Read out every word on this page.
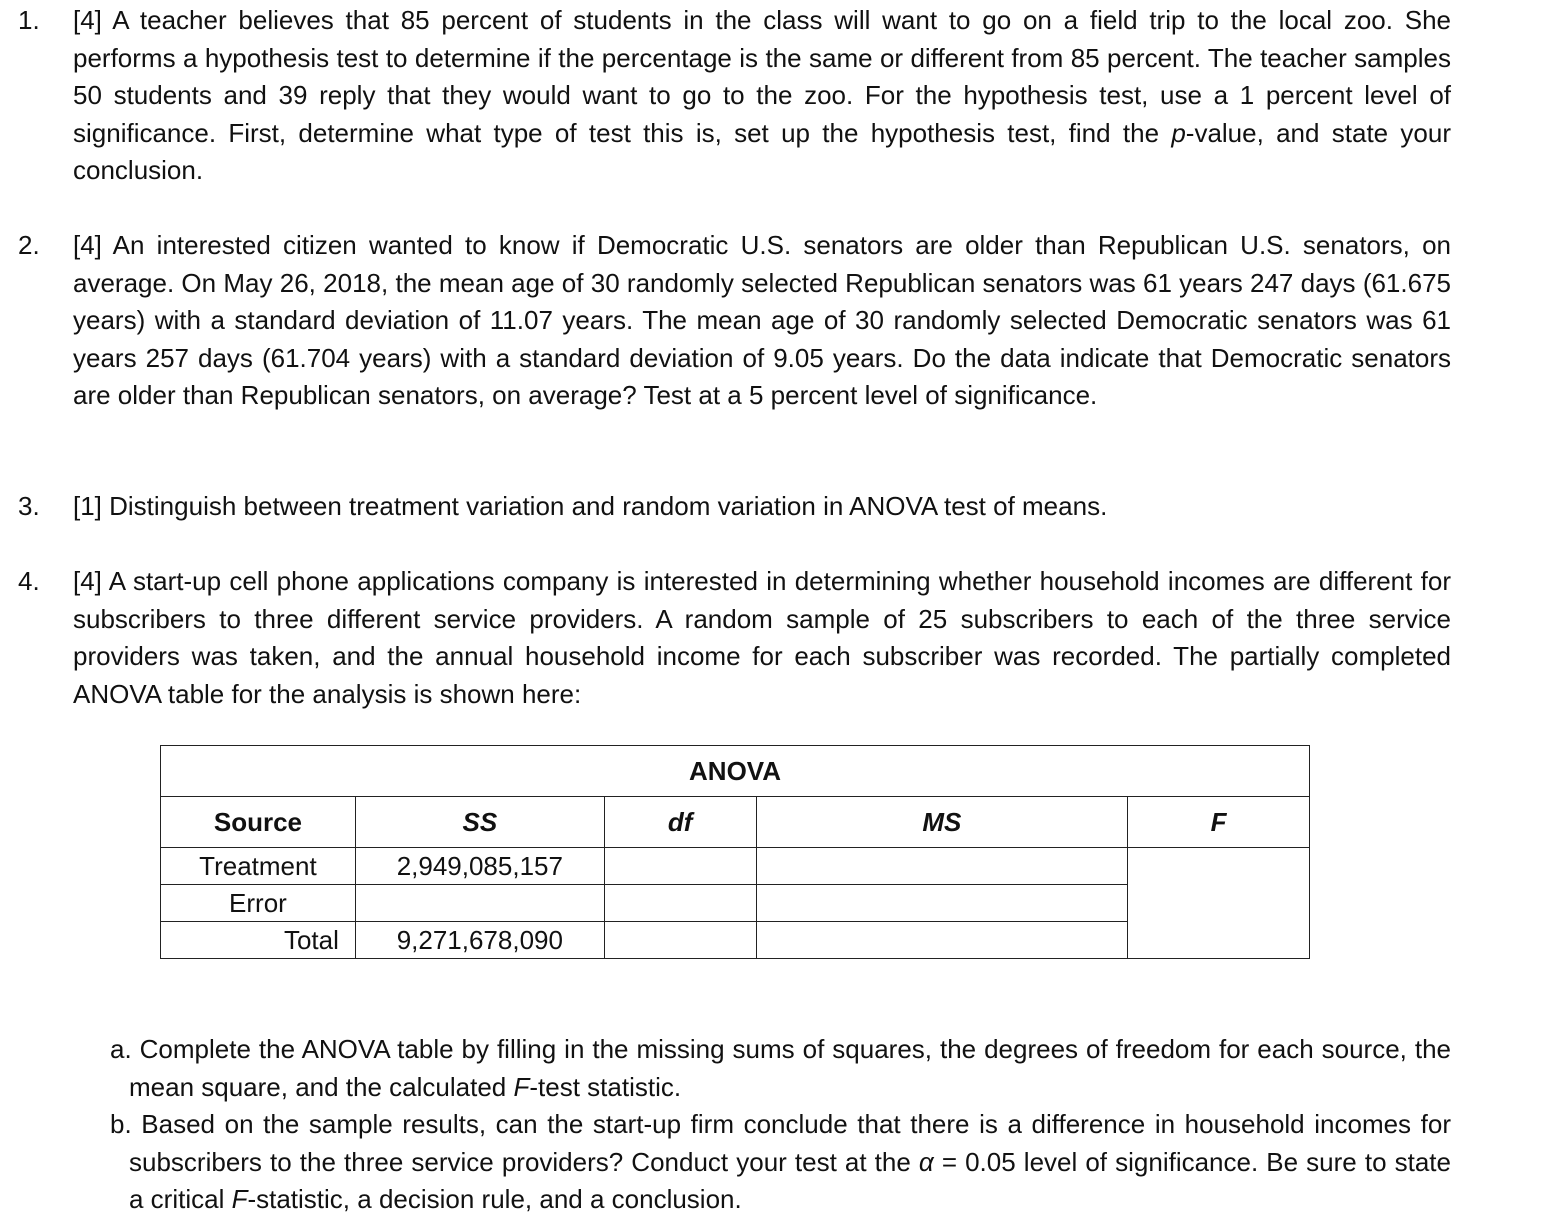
1. [4] A teacher believes that 85 percent of students in the class will want to go on a field trip to the local zoo. She performs a hypothesis test to determine if the percentage is the same or different from 85 percent. The teacher samples 50 students and 39 reply that they would want to go to the zoo. For the hypothesis test, use a 1 percent level of significance. First, determine what type of test this is, set up the hypothesis test, find the p-value, and state your conclusion.
2. [4] An interested citizen wanted to know if Democratic U.S. senators are older than Republican U.S. senators, on average. On May 26, 2018, the mean age of 30 randomly selected Republican senators was 61 years 247 days (61.675 years) with a standard deviation of 11.07 years. The mean age of 30 randomly selected Democratic senators was 61 years 257 days (61.704 years) with a standard deviation of 9.05 years. Do the data indicate that Democratic senators are older than Republican senators, on average? Test at a 5 percent level of significance.
3. [1] Distinguish between treatment variation and random variation in ANOVA test of means.
4. [4] A start-up cell phone applications company is interested in determining whether household incomes are different for subscribers to three different service providers. A random sample of 25 subscribers to each of the three service providers was taken, and the annual household income for each subscriber was recorded. The partially completed ANOVA table for the analysis is shown here:
ANOVA				
Source	SS	df	MS	F
Treatment	2,949,085,157			
Error				
Total	9,271,678,090			
a. Complete the ANOVA table by filling in the missing sums of squares, the degrees of freedom for each source, the mean square, and the calculated F-test statistic.
b. Based on the sample results, can the start-up firm conclude that there is a difference in household incomes for subscribers to the three service providers? Conduct your test at the α = 0.05 level of significance. Be sure to state a critical F-statistic, a decision rule, and a conclusion.
